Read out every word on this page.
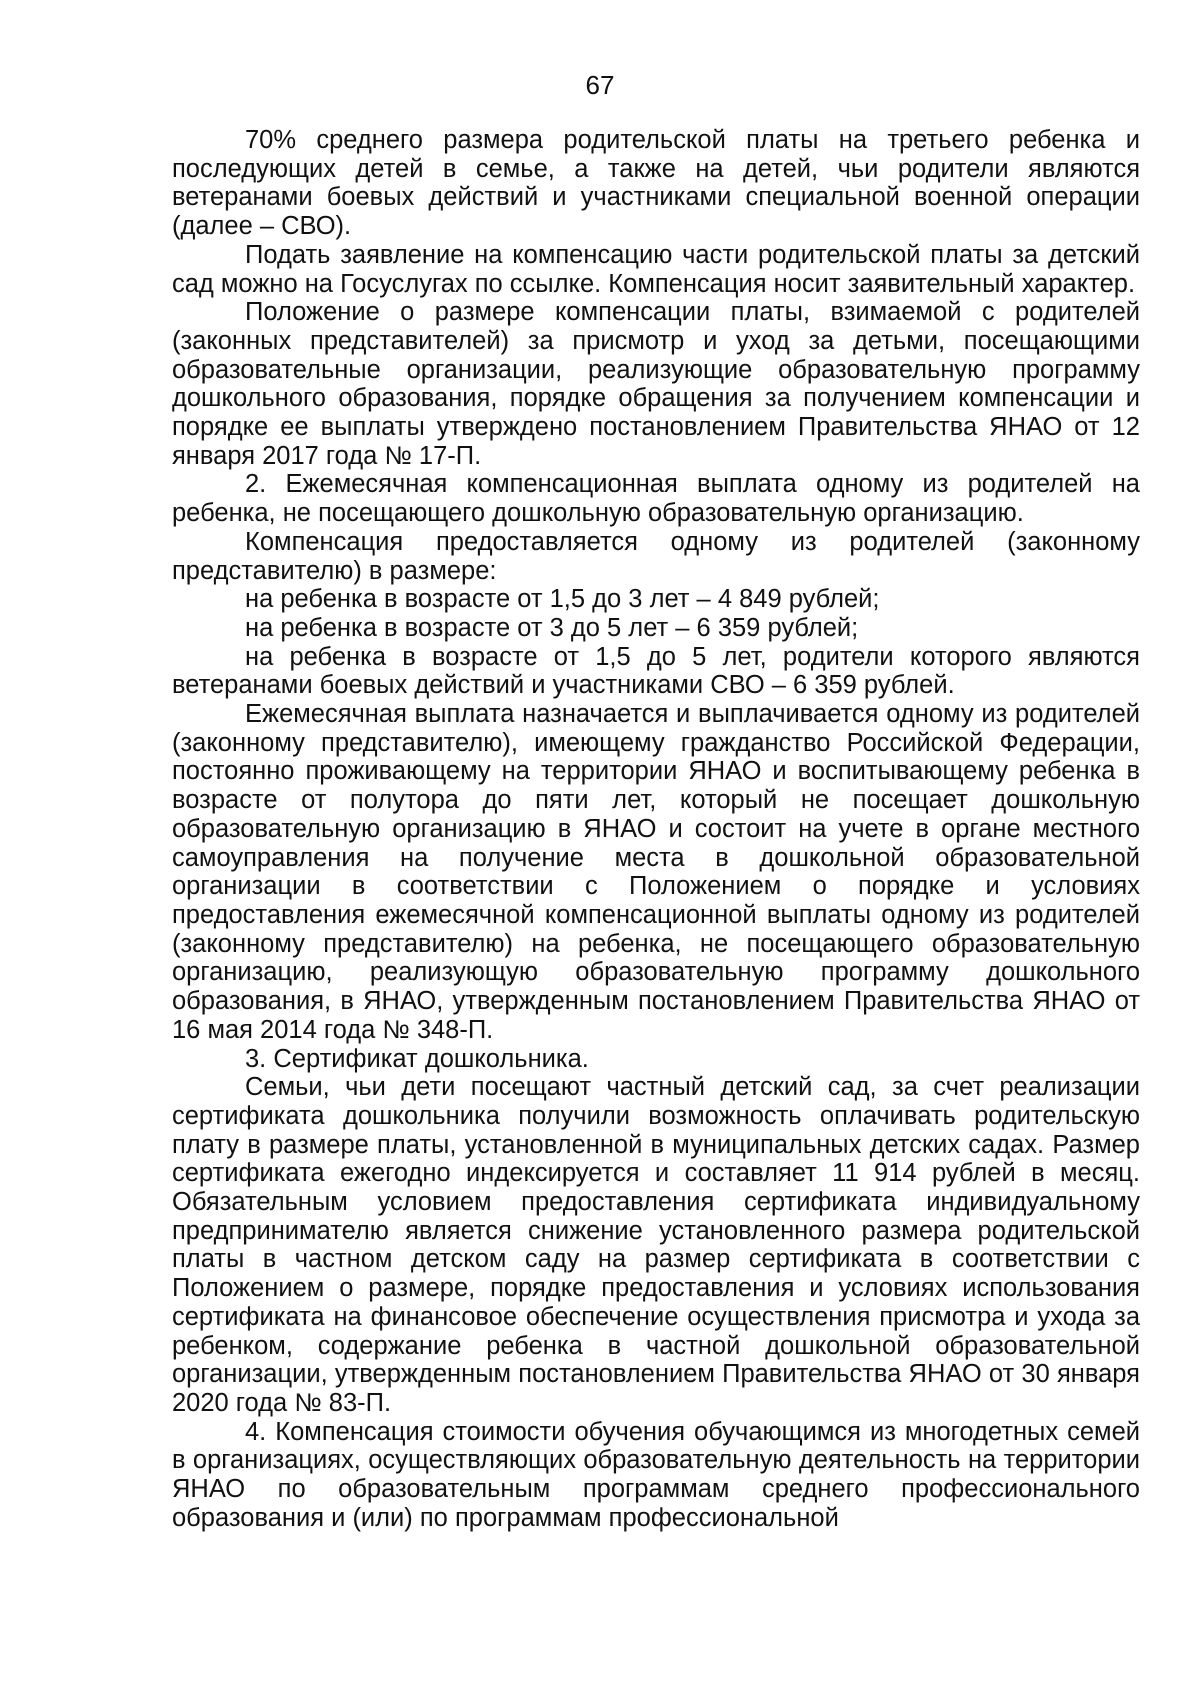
67

70% среднего размера родительской платы на третьего ребенка и последующих детей в семье, а также на детей, чьи родители являются ветеранами боевых действий и участниками специальной военной операции (далее – СВО).

Подать заявление на компенсацию части родительской платы за детский сад можно на Госуслугах по ссылке. Компенсация носит заявительный характер.

Положение о размере компенсации платы, взимаемой с родителей (законных представителей) за присмотр и уход за детьми, посещающими образовательные организации, реализующие образовательную программу дошкольного образования, порядке обращения за получением компенсации и порядке ее выплаты утверждено постановлением Правительства ЯНАО от 12 января 2017 года № 17-П.

2. Ежемесячная компенсационная выплата одному из родителей на ребенка, не посещающего дошкольную образовательную организацию.

Компенсация предоставляется одному из родителей (законному представителю) в размере:

на ребенка в возрасте от 1,5 до 3 лет – 4 849 рублей;

на ребенка в возрасте от 3 до 5 лет – 6 359 рублей;

на ребенка в возрасте от 1,5 до 5 лет, родители которого являются ветеранами боевых действий и участниками СВО – 6 359 рублей.

Ежемесячная выплата назначается и выплачивается одному из родителей (законному представителю), имеющему гражданство Российской Федерации, постоянно проживающему на территории ЯНАО и воспитывающему ребенка в возрасте от полутора до пяти лет, который не посещает дошкольную образовательную организацию в ЯНАО и состоит на учете в органе местного самоуправления на получение места в дошкольной образовательной организации в соответствии с Положением о порядке и условиях предоставления ежемесячной компенсационной выплаты одному из родителей (законному представителю) на ребенка, не посещающего образовательную организацию, реализующую образовательную программу дошкольного образования, в ЯНАО, утвержденным постановлением Правительства ЯНАО от 16 мая 2014 года № 348-П.

3. Сертификат дошкольника.

Семьи, чьи дети посещают частный детский сад, за счет реализации сертификата дошкольника получили возможность оплачивать родительскую плату в размере платы, установленной в муниципальных детских садах. Размер сертификата ежегодно индексируется и составляет 11 914 рублей в месяц. Обязательным условием предоставления сертификата индивидуальному предпринимателю является снижение установленного размера родительской платы в частном детском саду на размер сертификата в соответствии с Положением о размере, порядке предоставления и условиях использования сертификата на финансовое обеспечение осуществления присмотра и ухода за ребенком, содержание ребенка в частной дошкольной образовательной организации, утвержденным постановлением Правительства ЯНАО от 30 января 2020 года № 83-П.

4. Компенсация стоимости обучения обучающимся из многодетных семей в организациях, осуществляющих образовательную деятельность на территории ЯНАО по образовательным программам среднего профессионального образования и (или) по программам профессиональной
